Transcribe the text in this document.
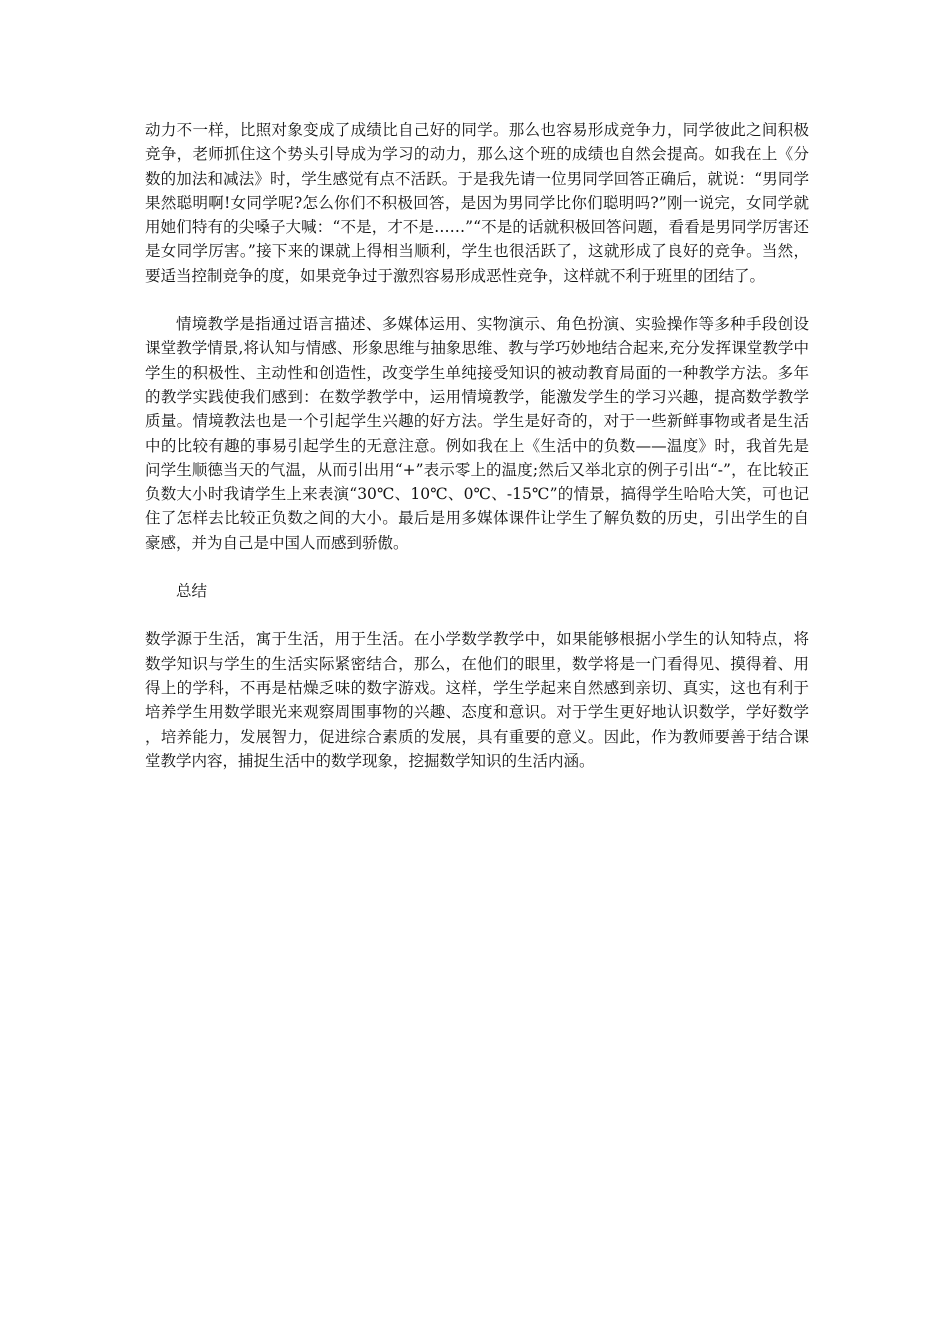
动力不一样，比照对象变成了成绩比自己好的同学。那么也容易形成竞争力，同学彼此之间积极竞争，老师抓住这个势头引导成为学习的动力，那么这个班的成绩也自然会提高。如我在上《分数的加法和减法》时，学生感觉有点不活跃。于是我先请一位男同学回答正确后，就说：“男同学果然聪明啊!女同学呢?怎么你们不积极回答，是因为男同学比你们聪明吗?”刚一说完，女同学就用她们特有的尖嗓子大喊：“不是，才不是……”“不是的话就积极回答问题，看看是男同学厉害还是女同学厉害。”接下来的课就上得相当顺利，学生也很活跃了，这就形成了良好的竞争。当然，要适当控制竞争的度，如果竞争过于激烈容易形成恶性竞争，这样就不利于班里的团结了。

情境教学是指通过语言描述、多媒体运用、实物演示、角色扮演、实验操作等多种手段创设课堂教学情景,将认知与情感、形象思维与抽象思维、教与学巧妙地结合起来,充分发挥课堂教学中学生的积极性、主动性和创造性，改变学生单纯接受知识的被动教育局面的一种教学方法。多年的教学实践使我们感到：在数学教学中，运用情境教学，能激发学生的学习兴趣，提高数学教学质量。情境教法也是一个引起学生兴趣的好方法。学生是好奇的，对于一些新鲜事物或者是生活中的比较有趣的事易引起学生的无意注意。例如我在上《生活中的负数——温度》时，我首先是问学生顺德当天的气温，从而引出用“+”表示零上的温度;然后又举北京的例子引出“-”，在比较正负数大小时我请学生上来表演“30℃、10℃、0℃、-15℃”的情景，搞得学生哈哈大笑，可也记住了怎样去比较正负数之间的大小。最后是用多媒体课件让学生了解负数的历史，引出学生的自豪感，并为自己是中国人而感到骄傲。

总结

数学源于生活，寓于生活，用于生活。在小学数学教学中，如果能够根据小学生的认知特点，将数学知识与学生的生活实际紧密结合，那么，在他们的眼里，数学将是一门看得见、摸得着、用得上的学科，不再是枯燥乏味的数字游戏。这样，学生学起来自然感到亲切、真实，这也有利于培养学生用数学眼光来观察周围事物的兴趣、态度和意识。对于学生更好地认识数学，学好数学，培养能力，发展智力，促进综合素质的发展，具有重要的意义。因此，作为教师要善于结合课堂教学内容，捕捉生活中的数学现象，挖掘数学知识的生活内涵。
